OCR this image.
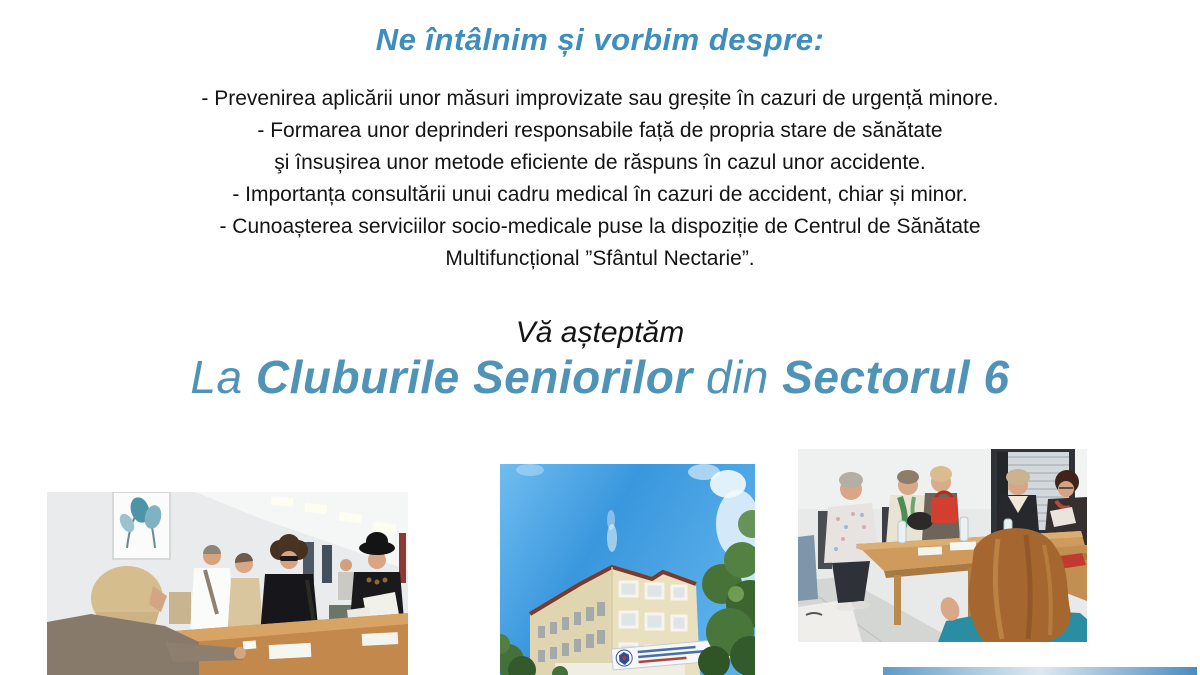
Ne întâlnim și vorbim despre:

- Prevenirea aplicării unor măsuri improvizate sau greșite în cazuri de urgență minore.

- Formarea unor deprinderi responsabile față de propria stare de sănătate

şi însușirea unor metode eficiente de răspuns în cazul unor accidente.

- Importanța consultării unui cadru medical în cazuri de accident, chiar și minor.

- Cunoașterea serviciilor socio-medicale puse la dispoziție de Centrul de Sănătate

Multifuncțional ”Sfântul Nectarie”.

Vă așteptăm

La Cluburile Seniorilor din Sectorul 6
